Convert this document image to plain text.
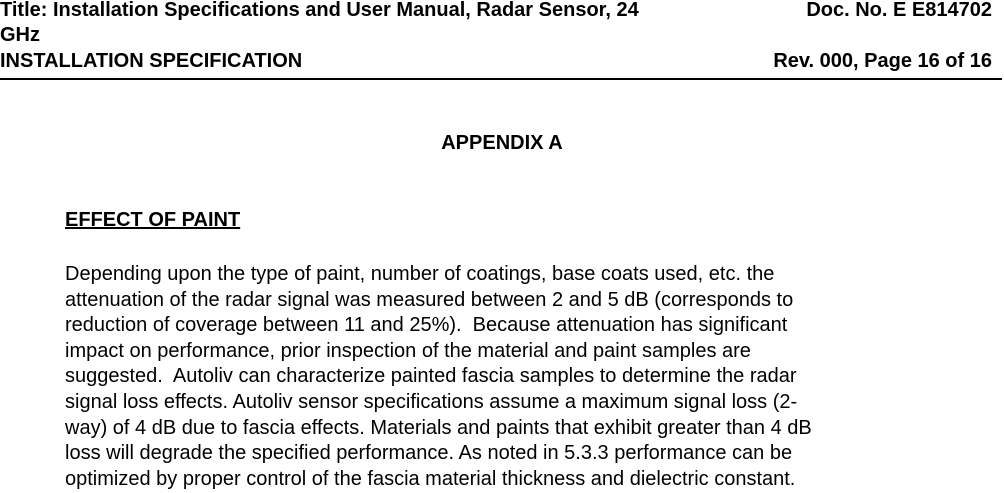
Title: Installation Specifications and User Manual, Radar Sensor, 24 GHz
Doc. No. E E814702
INSTALLATION SPECIFICATION	Rev. 000, Page 16 of 16
APPENDIX A
EFFECT OF PAINT
Depending upon the type of paint, number of coatings, base coats used, etc. the
attenuation of the radar signal was measured between 2 and 5 dB (corresponds to
reduction of coverage between 11 and 25%).  Because attenuation has significant
impact on performance, prior inspection of the material and paint samples are
suggested.  Autoliv can characterize painted fascia samples to determine the radar
signal loss effects. Autoliv sensor specifications assume a maximum signal loss (2-
way) of 4 dB due to fascia effects. Materials and paints that exhibit greater than 4 dB
loss will degrade the specified performance. As noted in 5.3.3 performance can be
optimized by proper control of the fascia material thickness and dielectric constant.
